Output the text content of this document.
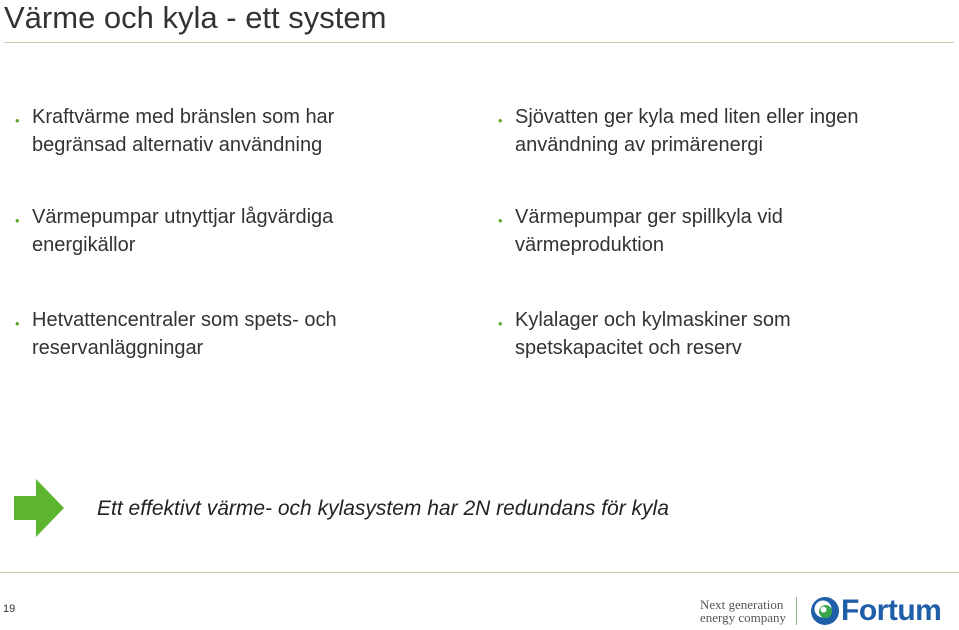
Värme och kyla - ett system
• Kraftvärme med bränslen som har
begränsad alternativ användning
• Värmepumpar utnyttjar lågvärdiga
energikällor
• Hetvattencentraler som spets- och
reservanläggningar
• Sjövatten ger kyla med liten eller ingen
användning av primärenergi
• Värmepumpar ger spillkyla vid
värmeproduktion
• Kylalager och kylmaskiner som
spetskapacitet och reserv
Ett effektivt värme- och kylasystem har 2N redundans för kyla
19	Next generation
energy company Fortum
